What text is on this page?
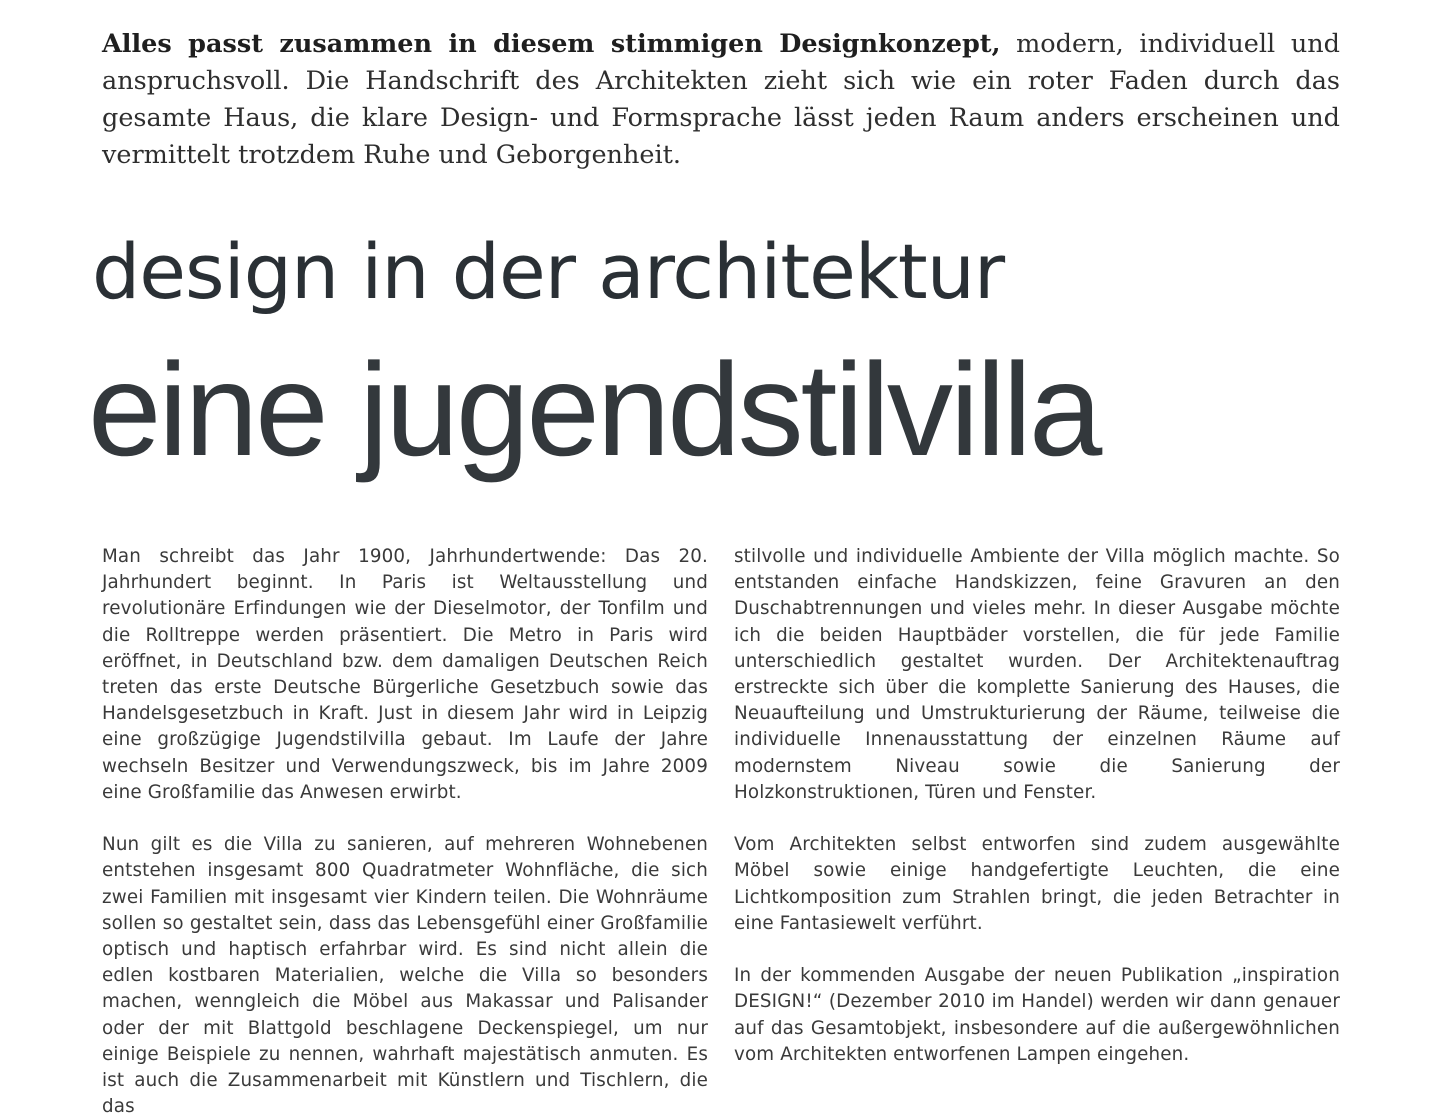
Alles passt zusammen in diesem stimmigen Designkonzept, modern, individuell und anspruchsvoll. Die Handschrift des Architekten zieht sich wie ein roter Faden durch das gesamte Haus, die klare Design- und Formsprache lässt jeden Raum anders erscheinen und vermittelt trotzdem Ruhe und Geborgenheit.

design in der architektur
eine jugendstilvilla

Man schreibt das Jahr 1900, Jahrhundertwende: Das 20. Jahrhundert beginnt. In Paris ist Weltausstellung und revolutionäre Erfindungen wie der Dieselmotor, der Tonfilm und die Rolltreppe werden präsentiert. Die Metro in Paris wird eröffnet, in Deutschland bzw. dem damaligen Deutschen Reich treten das erste Deutsche Bürgerliche Gesetzbuch sowie das Handelsgesetzbuch in Kraft. Just in diesem Jahr wird in Leipzig eine großzügige Jugendstilvilla gebaut. Im Laufe der Jahre wechseln Besitzer und Verwendungszweck, bis im Jahre 2009 eine Großfamilie das Anwesen erwirbt.

Nun gilt es die Villa zu sanieren, auf mehreren Wohnebenen entstehen insgesamt 800 Quadratmeter Wohnfläche, die sich zwei Familien mit insgesamt vier Kindern teilen. Die Wohnräume sollen so gestaltet sein, dass das Lebensgefühl einer Großfamilie optisch und haptisch erfahrbar wird. Es sind nicht allein die edlen kostbaren Materialien, welche die Villa so besonders machen, wenngleich die Möbel aus Makassar und Palisander oder der mit Blattgold beschlagene Deckenspiegel, um nur einige Beispiele zu nennen, wahrhaft majestätisch anmuten. Es ist auch die Zusammenarbeit mit Künstlern und Tischlern, die das

stilvolle und individuelle Ambiente der Villa möglich machte. So entstanden einfache Handskizzen, feine Gravuren an den Duschabtrennungen und vieles mehr. In dieser Ausgabe möchte ich die beiden Hauptbäder vorstellen, die für jede Familie unterschiedlich gestaltet wurden. Der Architektenauftrag erstreckte sich über die komplette Sanierung des Hauses, die Neuaufteilung und Umstrukturierung der Räume, teilweise die individuelle Innenausstattung der einzelnen Räume auf modernstem Niveau sowie die Sanierung der Holzkonstruktionen, Türen und Fenster.

Vom Architekten selbst entworfen sind zudem ausgewählte Möbel sowie einige handgefertigte Leuchten, die eine Lichtkomposition zum Strahlen bringt, die jeden Betrachter in eine Fantasiewelt verführt.

In der kommenden Ausgabe der neuen Publikation „inspiration DESIGN!“ (Dezember 2010 im Handel) werden wir dann genauer auf das Gesamtobjekt, insbesondere auf die außergewöhnlichen vom Architekten entworfenen Lampen eingehen.
